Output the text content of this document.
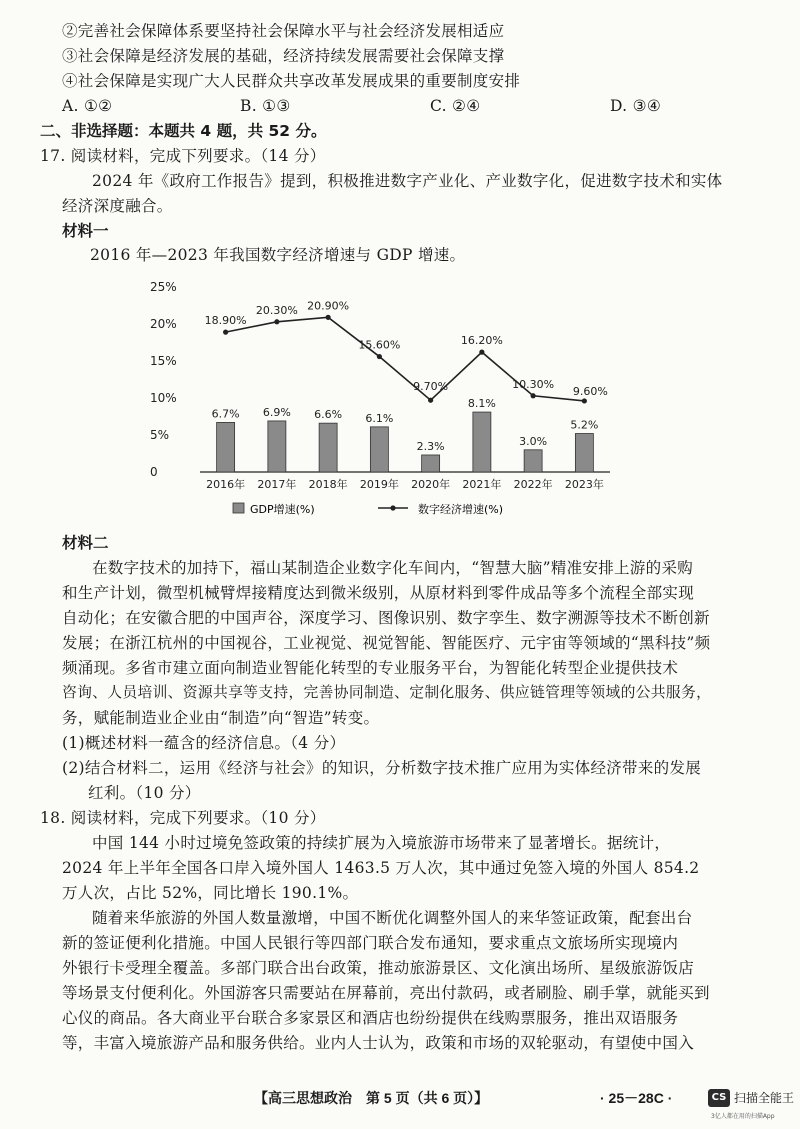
②完善社会保障体系要坚持社会保障水平与社会经济发展相适应
③社会保障是经济发展的基础，经济持续发展需要社会保障支撑
④社会保障是实现广大人民群众共享改革发展成果的重要制度安排
A. ①②	B. ①③	C. ②④	D. ③④
二、非选择题：本题共 4 题，共 52 分。
17. 阅读材料，完成下列要求。（14 分）
2024 年《政府工作报告》提到，积极推进数字产业化、产业数字化，促进数字技术和实体
经济深度融合。
材料一
2016 年—2023 年我国数字经济增速与 GDP 增速。
0
5%
10%
15%
20%
25%
6.7% 6.9% 6.6% 6.1%
2.3%
8.1%
3.0%
5.2%
18.90%
20.30% 20.90%
15.60%
9.70%
16.20%
10.30%
9.60%
2016年 2017年 2018年 2019年 2020年 2021年 2022年 2023年
GDP增速(%)	数字经济增速(%)
材料二
在数字技术的加持下，福山某制造企业数字化车间内，“智慧大脑”精准安排上游的采购
和生产计划，微型机械臂焊接精度达到微米级别，从原材料到零件成品等多个流程全部实现
自动化；在安徽合肥的中国声谷，深度学习、图像识别、数字孪生、数字溯源等技术不断创新
发展；在浙江杭州的中国视谷，工业视觉、视觉智能、智能医疗、元宇宙等领域的“黑科技”频
频涌现。多省市建立面向制造业智能化转型的专业服务平台，为智能化转型企业提供技术
咨询、人员培训、资源共享等支持，完善协同制造、定制化服务、供应链管理等领域的公共服务，
务，赋能制造业企业由“制造”向“智造”转变。
(1)概述材料一蕴含的经济信息。（4 分）
(2)结合材料二，运用《经济与社会》的知识，分析数字技术推广应用为实体经济带来的发展
红利。（10 分）
18. 阅读材料，完成下列要求。（10 分）
中国 144 小时过境免签政策的持续扩展为入境旅游市场带来了显著增长。据统计，
2024 年上半年全国各口岸入境外国人 1463.5 万人次，其中通过免签入境的外国人 854.2
万人次，占比 52%，同比增长 190.1%。
随着来华旅游的外国人数量激增，中国不断优化调整外国人的来华签证政策，配套出台
新的签证便利化措施。中国人民银行等四部门联合发布通知，要求重点文旅场所实现境内
外银行卡受理全覆盖。多部门联合出台政策，推动旅游景区、文化演出场所、星级旅游饭店
等场景支付便利化。外国游客只需要站在屏幕前，亮出付款码，或者刷脸、刷手掌，就能买到
心仪的商品。各大商业平台联合多家景区和酒店也纷纷提供在线购票服务，推出双语服务
等，丰富入境旅游产品和服务供给。业内人士认为，政策和市场的双轮驱动，有望使中国入
【高三思想政治　第 5 页（共 6 页）】	· 25－28C ·	CS 扫描全能王
3亿人都在用的扫描App
